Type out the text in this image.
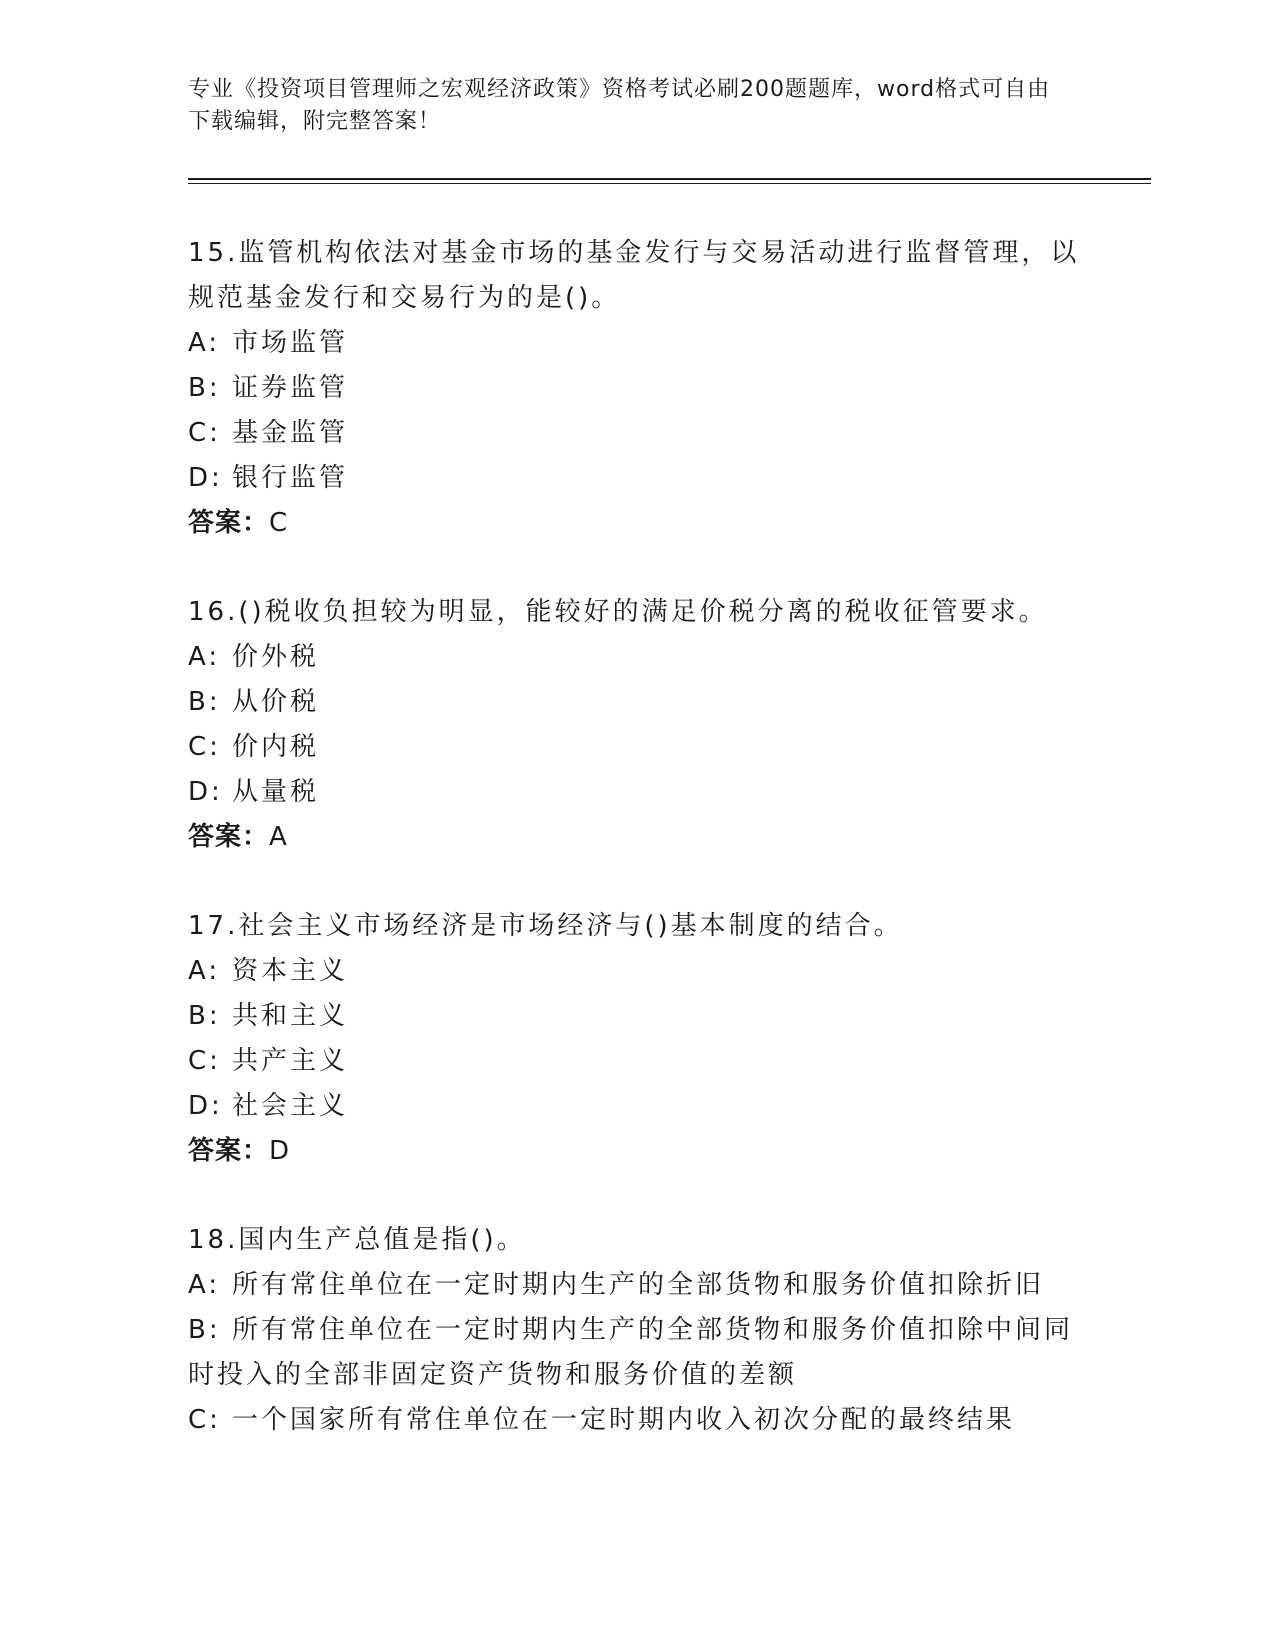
专业《投资项目管理师之宏观经济政策》资格考试必刷200题题库，word格式可自由下载编辑，附完整答案！

15.监管机构依法对基金市场的基金发行与交易活动进行监督管理，以规范基金发行和交易行为的是()。

A: 市场监管

B: 证券监管

C: 基金监管

D: 银行监管

答案：C

16.()税收负担较为明显，能较好的满足价税分离的税收征管要求。

A: 价外税

B: 从价税

C: 价内税

D: 从量税

答案：A

17.社会主义市场经济是市场经济与()基本制度的结合。

A: 资本主义

B: 共和主义

C: 共产主义

D: 社会主义

答案：D

18.国内生产总值是指()。

A: 所有常住单位在一定时期内生产的全部货物和服务价值扣除折旧

B: 所有常住单位在一定时期内生产的全部货物和服务价值扣除中间同时投入的全部非固定资产货物和服务价值的差额

C: 一个国家所有常住单位在一定时期内收入初次分配的最终结果
